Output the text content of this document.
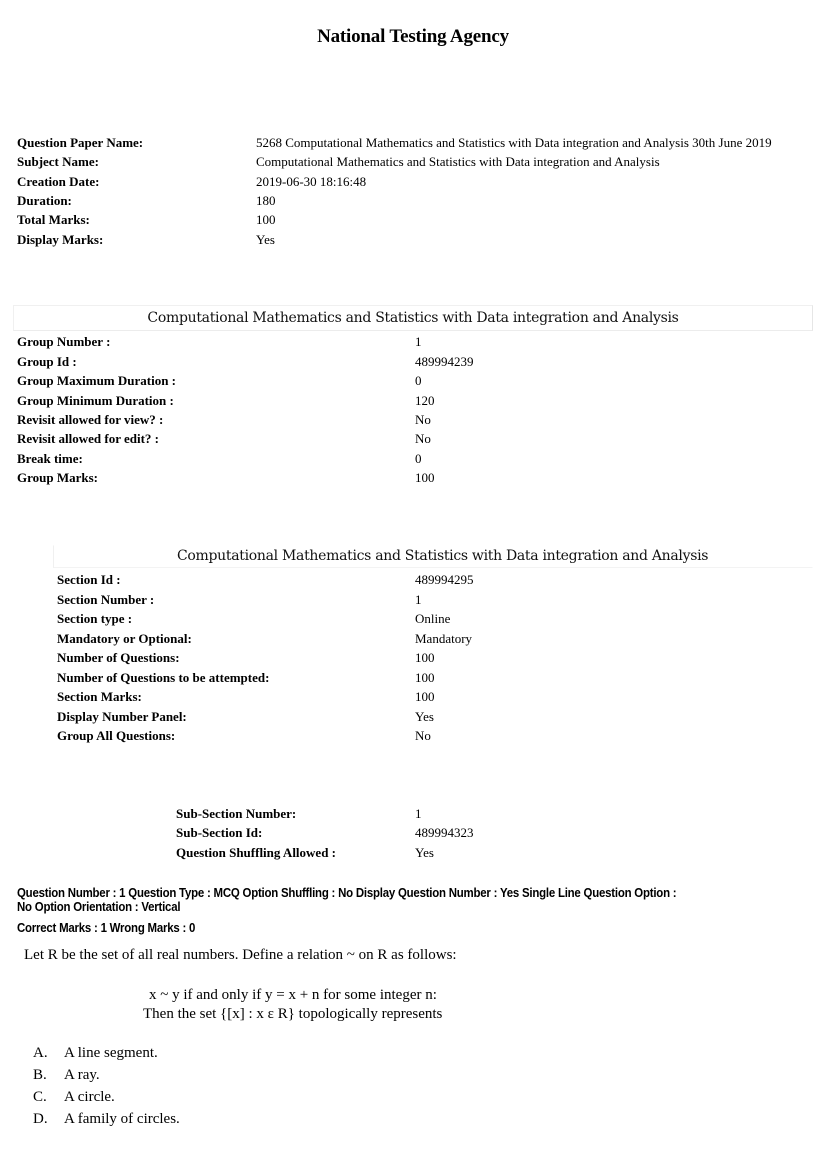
National Testing Agency
Question Paper Name:	5268 Computational Mathematics and Statistics with Data integration and Analysis 30th June 2019
Subject Name:	Computational Mathematics and Statistics with Data integration and Analysis
Creation Date:	2019-06-30 18:16:48
Duration:	180
Total Marks:	100
Display Marks:	Yes
Computational Mathematics and Statistics with Data integration and Analysis
Group Number :	1
Group Id :	489994239
Group Maximum Duration :	0
Group Minimum Duration :	120
Revisit allowed for view? :	No
Revisit allowed for edit? :	No
Break time:	0
Group Marks:	100
Computational Mathematics and Statistics with Data integration and Analysis
Section Id :	489994295
Section Number :	1
Section type :	Online
Mandatory or Optional:	Mandatory
Number of Questions:	100
Number of Questions to be attempted:	100
Section Marks:	100
Display Number Panel:	Yes
Group All Questions:	No
Sub-Section Number:	1
Sub-Section Id:	489994323
Question Shuffling Allowed :	Yes
Question Number : 1 Question Type : MCQ Option Shuffling : No Display Question Number : Yes Single Line Question Option :
No Option Orientation : Vertical
Correct Marks : 1 Wrong Marks : 0
Let R be the set of all real numbers. Define a relation ~ on R as follows:
x ~ y if and only if y = x + n for some integer n:
Then the set {[x] : x ε R} topologically represents
A. A line segment.
B. A ray.
C. A circle.
D. A family of circles.
